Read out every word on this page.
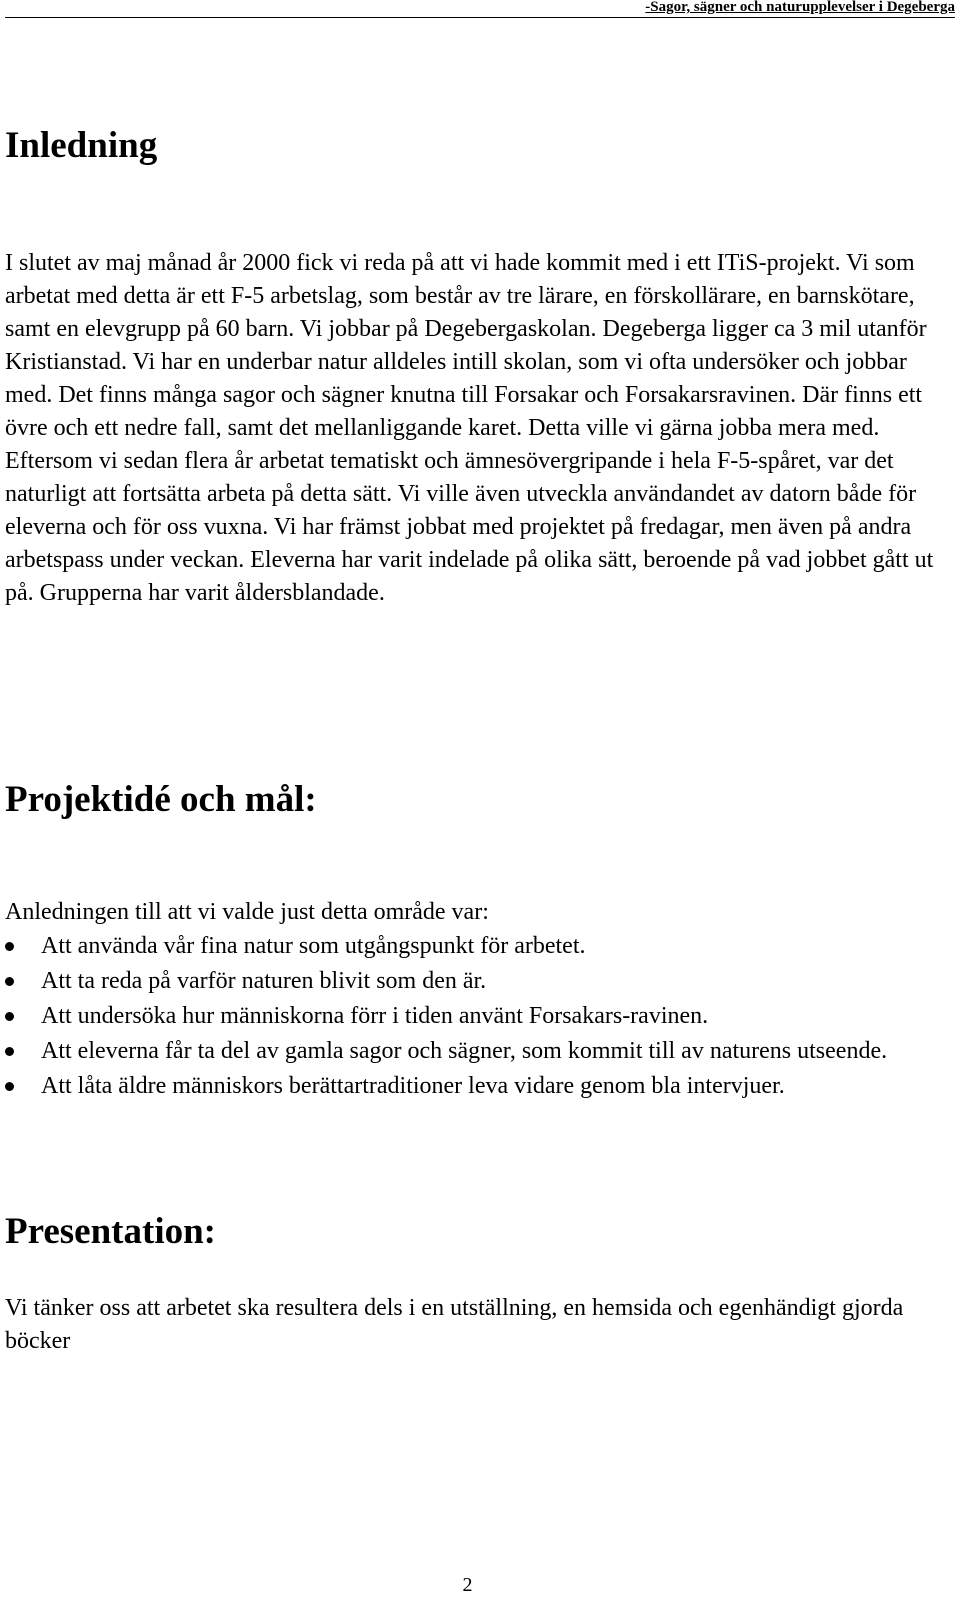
-Sagor, sägner och naturupplevelser i Degeberga
Inledning

I slutet av maj månad år 2000 fick vi reda på att vi hade kommit med i ett ITiS-projekt. Vi som arbetat med detta är ett F-5 arbetslag, som består av tre lärare, en förskollärare, en barnskötare, samt en elevgrupp på 60 barn. Vi jobbar på Degebergaskolan. Degeberga ligger ca 3 mil utanför Kristianstad. Vi har en underbar natur alldeles intill skolan, som vi ofta undersöker och jobbar med. Det finns många sagor och sägner knutna till Forsakar och Forsakarsravinen. Där finns ett övre och ett nedre fall, samt det mellanliggande karet. Detta ville vi gärna jobba mera med. Eftersom vi sedan flera år arbetat tematiskt och ämnesövergripande i hela F-5-spåret, var det naturligt att fortsätta arbeta på detta sätt. Vi ville även utveckla användandet av datorn både för eleverna och för oss vuxna. Vi har främst jobbat med projektet på fredagar, men även på andra arbetspass under veckan. Eleverna har varit indelade på olika sätt, beroende på vad jobbet gått ut på. Grupperna har varit åldersblandade.

Projektidé och mål:

Anledningen till att vi valde just detta område var:

Att använda vår fina natur som utgångspunkt för arbetet.
Att ta reda på varför naturen blivit som den är.
Att undersöka hur människorna förr i tiden använt Forsakars-ravinen.
Att eleverna får ta del av gamla sagor och sägner, som kommit till av naturens utseende.
Att låta äldre människors berättartraditioner leva vidare genom bla intervjuer.
Presentation:

Vi tänker oss att arbetet ska resultera dels i en utställning, en hemsida och egenhändigt gjorda böcker

2
